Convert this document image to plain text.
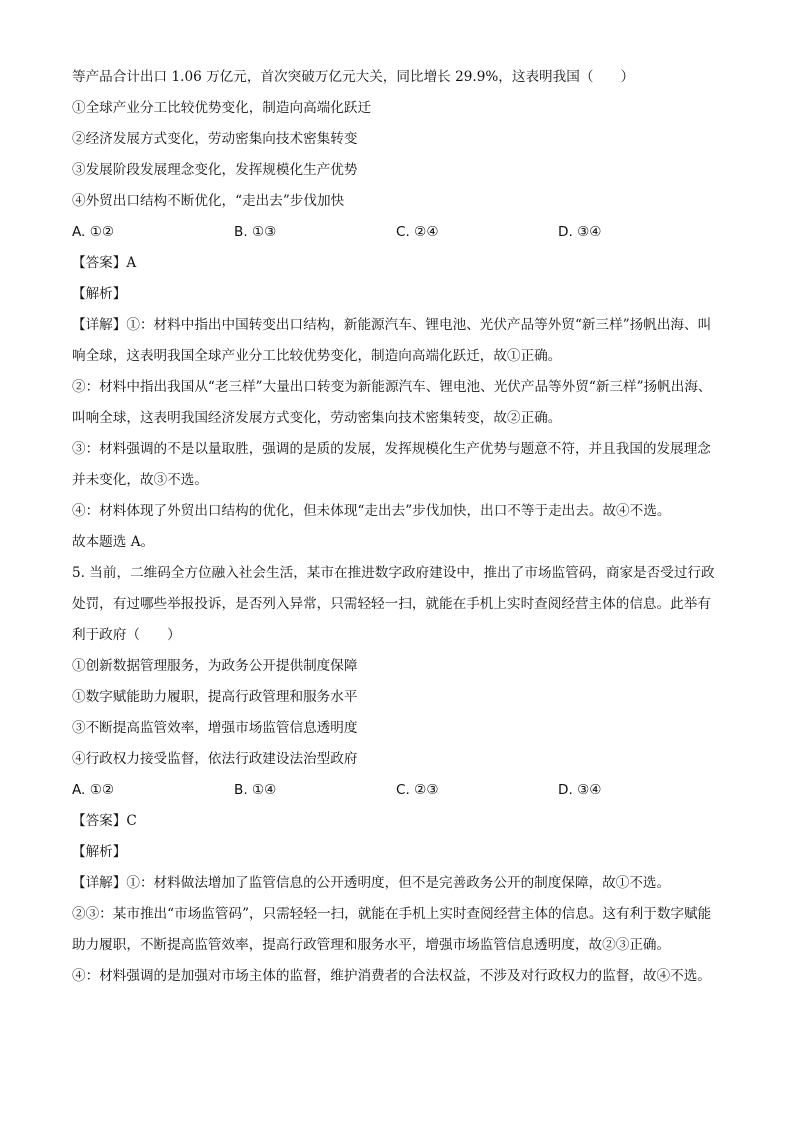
等产品合计出口 1.06 万亿元，首次突破万亿元大关，同比增长 29.9%，这表明我国（　　）
①全球产业分工比较优势变化，制造向高端化跃迁
②经济发展方式变化，劳动密集向技术密集转变
③发展阶段发展理念变化，发挥规模化生产优势
④外贸出口结构不断优化，“走出去”步伐加快
A. ①②	B. ①③	C. ②④	D. ③④
【答案】A
【解析】
【详解】①：材料中指出中国转变出口结构，新能源汽车、锂电池、光伏产品等外贸“新三样”扬帆出海、叫响全球，这表明我国全球产业分工比较优势变化，制造向高端化跃迁，故①正确。
②：材料中指出我国从“老三样”大量出口转变为新能源汽车、锂电池、光伏产品等外贸“新三样”扬帆出海、叫响全球，这表明我国经济发展方式变化，劳动密集向技术密集转变，故②正确。
③：材料强调的不是以量取胜，强调的是质的发展，发挥规模化生产优势与题意不符，并且我国的发展理念并未变化，故③不选。
④：材料体现了外贸出口结构的优化，但未体现“走出去”步伐加快，出口不等于走出去。故④不选。
故本题选 A。
5. 当前，二维码全方位融入社会生活，某市在推进数字政府建设中，推出了市场监管码，商家是否受过行政处罚，有过哪些举报投诉，是否列入异常，只需轻轻一扫，就能在手机上实时查阅经营主体的信息。此举有利于政府（　　）
①创新数据管理服务，为政务公开提供制度保障
①数字赋能助力履职，提高行政管理和服务水平
③不断提高监管效率，增强市场监管信息透明度
④行政权力接受监督，依法行政建设法治型政府
A. ①②	B. ①④	C. ②③	D. ③④
【答案】C
【解析】
【详解】①：材料做法增加了监管信息的公开透明度，但不是完善政务公开的制度保障，故①不选。
②③：某市推出“市场监管码”，只需轻轻一扫，就能在手机上实时查阅经营主体的信息。这有利于数字赋能助力履职，不断提高监管效率，提高行政管理和服务水平，增强市场监管信息透明度，故②③正确。
④：材料强调的是加强对市场主体的监督，维护消费者的合法权益，不涉及对行政权力的监督，故④不选。
